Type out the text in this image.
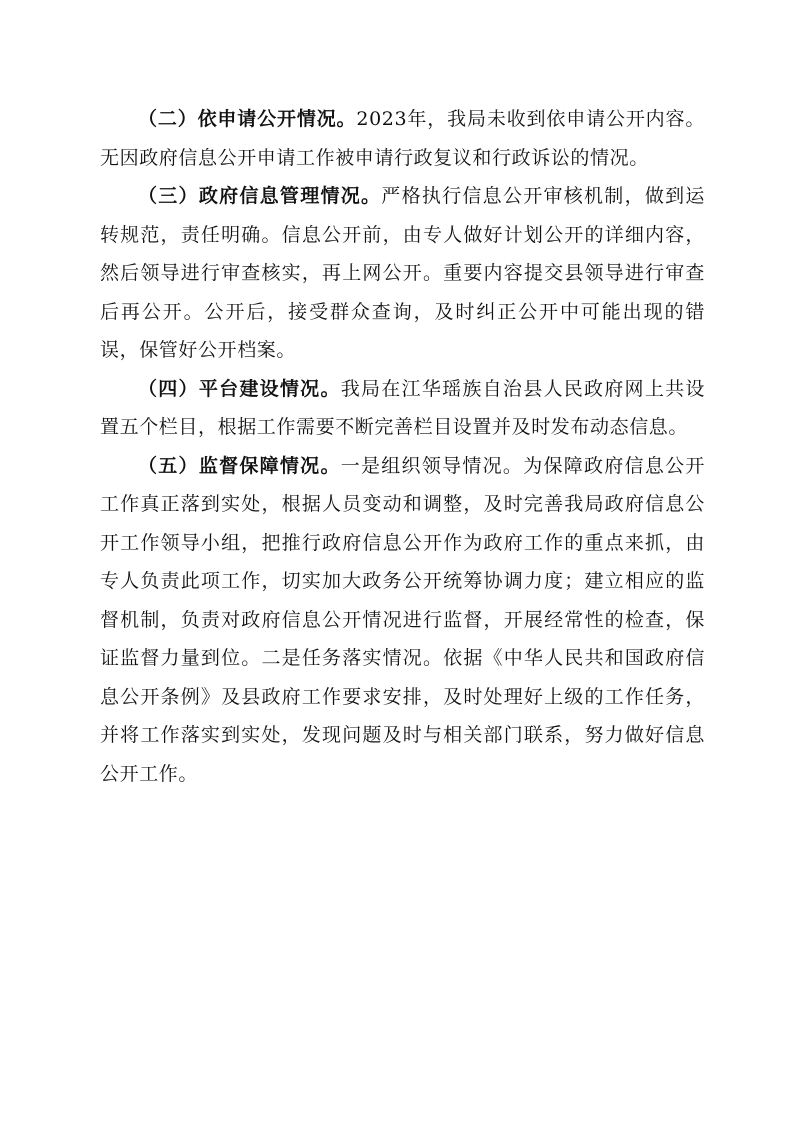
（二）依申请公开情况。2023年，我局未收到依申请公开内容。无因政府信息公开申请工作被申请行政复议和行政诉讼的情况。

（三）政府信息管理情况。严格执行信息公开审核机制，做到运转规范，责任明确。信息公开前，由专人做好计划公开的详细内容，然后领导进行审查核实，再上网公开。重要内容提交县领导进行审查后再公开。公开后，接受群众查询，及时纠正公开中可能出现的错误，保管好公开档案。

（四）平台建设情况。我局在江华瑶族自治县人民政府网上共设置五个栏目，根据工作需要不断完善栏目设置并及时发布动态信息。

（五）监督保障情况。一是组织领导情况。为保障政府信息公开工作真正落到实处，根据人员变动和调整，及时完善我局政府信息公开工作领导小组，把推行政府信息公开作为政府工作的重点来抓，由专人负责此项工作，切实加大政务公开统筹协调力度；建立相应的监督机制，负责对政府信息公开情况进行监督，开展经常性的检查，保证监督力量到位。二是任务落实情况。依据《中华人民共和国政府信息公开条例》及县政府工作要求安排，及时处理好上级的工作任务，并将工作落实到实处，发现问题及时与相关部门联系，努力做好信息公开工作。
